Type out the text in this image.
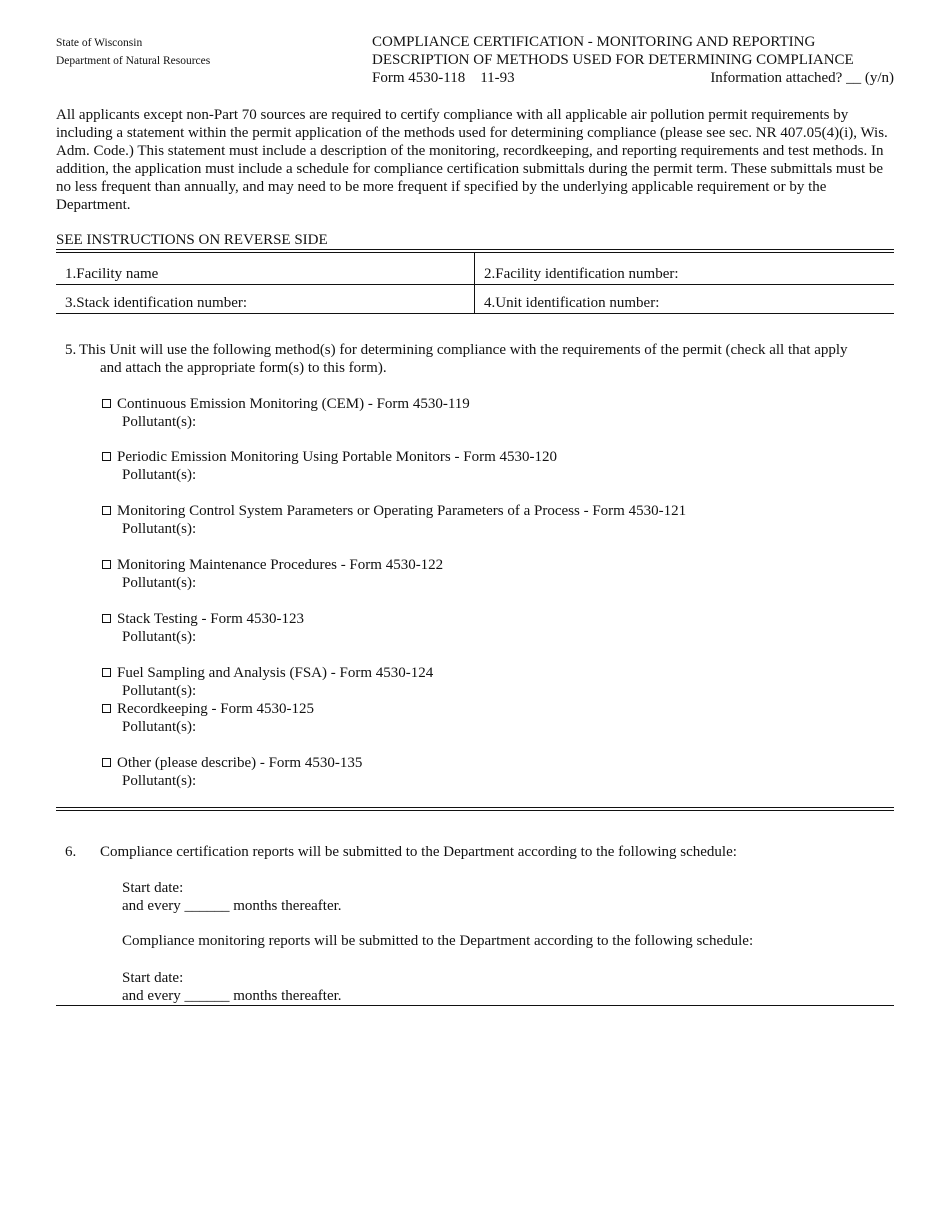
State of Wisconsin
Department of Natural Resources
COMPLIANCE CERTIFICATION - MONITORING AND REPORTING
DESCRIPTION OF METHODS USED FOR DETERMINING COMPLIANCE
Form 4530-118    11-93	Information attached? __ (y/n)
All applicants except non-Part 70 sources are required to certify compliance with all applicable air pollution permit requirements by including a statement within the permit application of the methods used for determining compliance (please see sec. NR 407.05(4)(i), Wis. Adm. Code.) This statement must include a description of the monitoring, recordkeeping, and reporting requirements and test methods. In addition, the application must include a schedule for compliance certification submittals during the permit term. These submittals must be no less frequent than annually, and may need to be more frequent if specified by the underlying applicable requirement or by the Department.
SEE INSTRUCTIONS ON REVERSE SIDE
1.Facility name	2.Facility identification number:
3.Stack identification number:	4.Unit identification number:
5. This Unit will use the following method(s) for determining compliance with the requirements of the permit (check all that apply
and attach the appropriate form(s) to this form).
Continuous Emission Monitoring (CEM) - Form 4530-119
Pollutant(s):
Periodic Emission Monitoring Using Portable Monitors - Form 4530-120
Pollutant(s):
Monitoring Control System Parameters or Operating Parameters of a Process - Form 4530-121
Pollutant(s):
Monitoring Maintenance Procedures - Form 4530-122
Pollutant(s):
Stack Testing - Form 4530-123
Pollutant(s):
Fuel Sampling and Analysis (FSA) - Form 4530-124
Pollutant(s):
Recordkeeping - Form 4530-125
Pollutant(s):
Other (please describe) - Form 4530-135
Pollutant(s):
6. Compliance certification reports will be submitted to the Department according to the following schedule:
Start date:
and every ______ months thereafter.
Compliance monitoring reports will be submitted to the Department according to the following schedule:
Start date:
and every ______ months thereafter.
